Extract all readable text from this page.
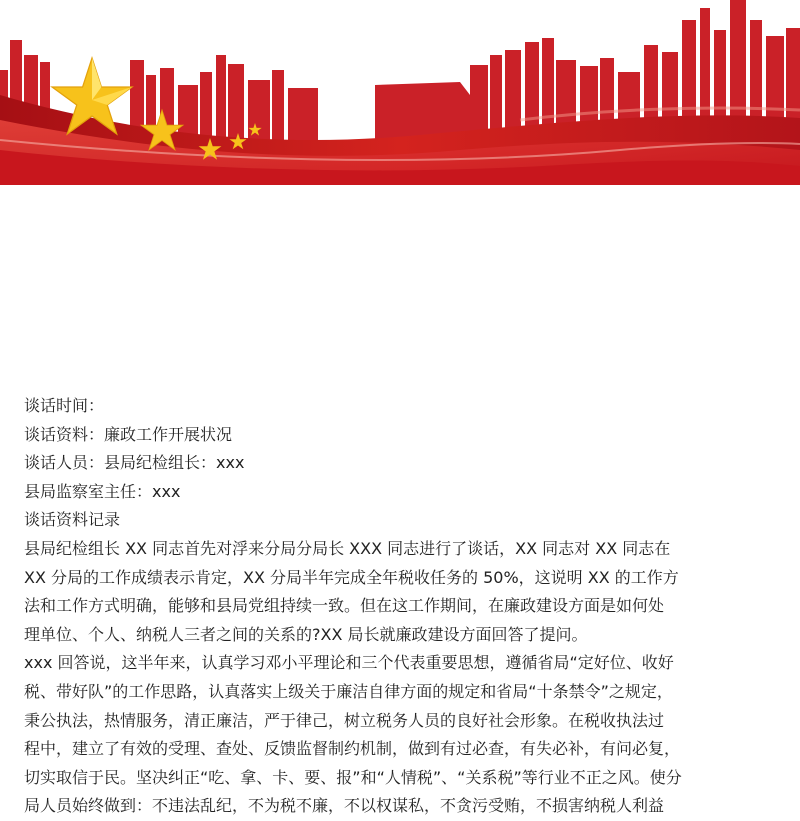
谈话时间：
谈话资料：廉政工作开展状况
谈话人员：县局纪检组长：xxx
县局监察室主任：xxx
谈话资料记录
县局纪检组长 XX 同志首先对浮来分局分局长 XXX 同志进行了谈话，XX 同志对 XX 同志在
XX 分局的工作成绩表示肯定，XX 分局半年完成全年税收任务的 50%，这说明 XX 的工作方
法和工作方式明确，能够和县局党组持续一致。但在这工作期间，在廉政建设方面是如何处
理单位、个人、纳税人三者之间的关系的?XX 局长就廉政建设方面回答了提问。
xxx 回答说，这半年来，认真学习邓小平理论和三个代表重要思想，遵循省局“定好位、收好
税、带好队”的工作思路，认真落实上级关于廉洁自律方面的规定和省局“十条禁令”之规定，
秉公执法，热情服务，清正廉洁，严于律己，树立税务人员的良好社会形象。在税收执法过
程中，建立了有效的受理、查处、反馈监督制约机制，做到有过必查，有失必补，有问必复，
切实取信于民。坚决纠正“吃、拿、卡、要、报”和“人情税”、“关系税”等行业不正之风。使分
局人员始终做到：不违法乱纪，不为税不廉，不以权谋私，不贪污受贿，不损害纳税人利益
